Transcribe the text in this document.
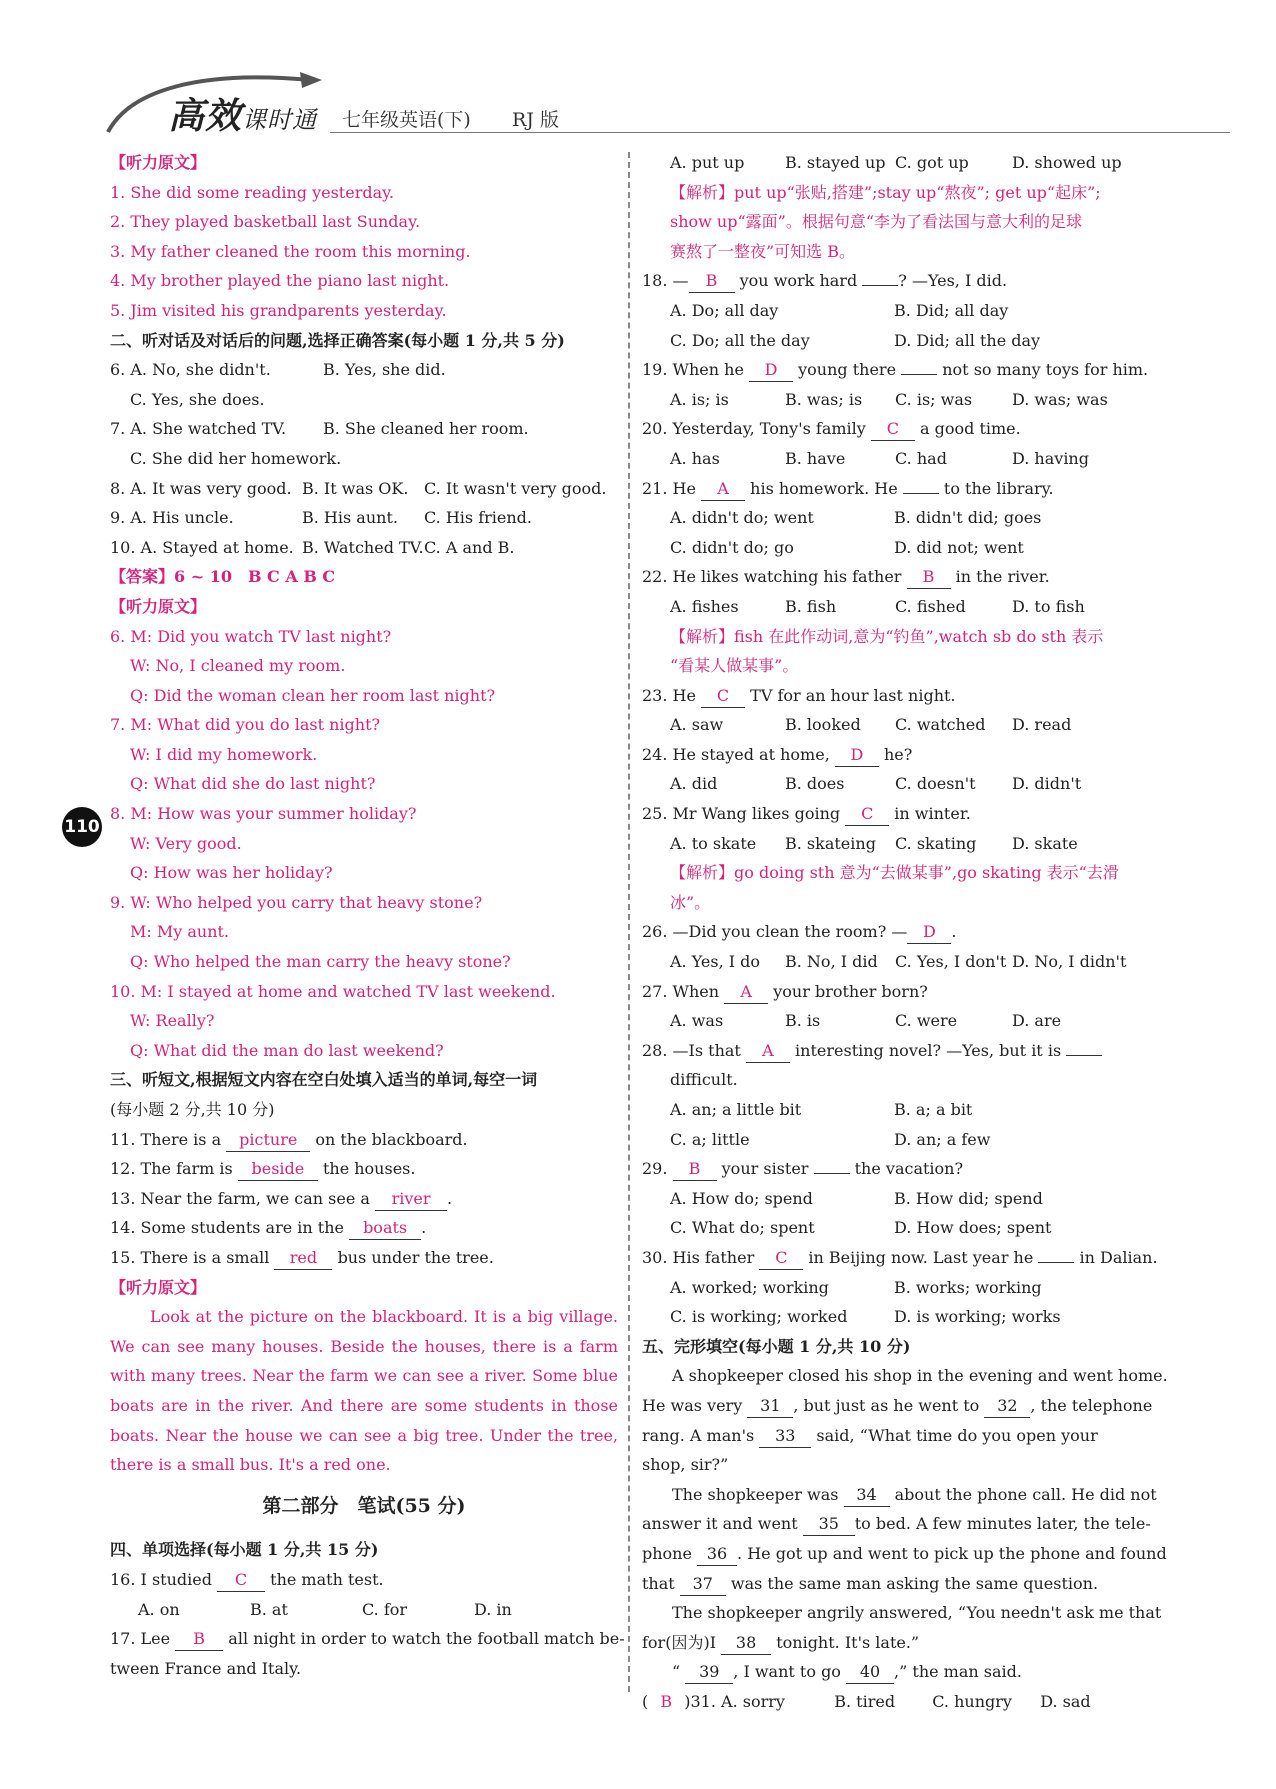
高效课时通 七年级英语(下) RJ 版
110
【听力原文】
1. She did some reading yesterday.
2. They played basketball last Sunday.
3. My father cleaned the room this morning.
4. My brother played the piano last night.
5. Jim visited his grandparents yesterday.
二、听对话及对话后的问题,选择正确答案(每小题 1 分,共 5 分)
6. A. No, she didn't.	B. Yes, she did.
C. Yes, she does.
7. A. She watched TV. B. She cleaned her room.
C. She did her homework.
8. A. It was very good. B. It was OK. C. It wasn't very good.
9. A. His uncle.	B. His aunt. C. His friend.
10. A. Stayed at home. B. Watched TV.C. A and B.
【答案】6 ~ 10　B C A B C
【听力原文】
6. M: Did you watch TV last night?
W: No, I cleaned my room.
Q: Did the woman clean her room last night?
7. M: What did you do last night?
W: I did my homework.
Q: What did she do last night?
8. M: How was your summer holiday?
W: Very good.
Q: How was her holiday?
9. W: Who helped you carry that heavy stone?
M: My aunt.
Q: Who helped the man carry the heavy stone?
10. M: I stayed at home and watched TV last weekend.
W: Really?
Q: What did the man do last weekend?
三、听短文,根据短文内容在空白处填入适当的单词,每空一词
(每小题 2 分,共 10 分)
11. There is a picture on the blackboard.
12. The farm is beside the houses.
13. Near the farm, we can see a river .
14. Some students are in the boats .
15. There is a small red bus under the tree.
【听力原文】
Look at the picture on the blackboard. It is a big village. We can see many houses. Beside the houses, there is a farm with many trees. Near the farm we can see a river. Some blue boats are in the river. And there are some students in those boats. Near the house we can see a big tree. Under the tree, there is a small bus. It's a red one.
第二部分　笔试(55 分)
四、单项选择(每小题 1 分,共 15 分)
16. I studied C the math test.
A. on	B. at	C. for	D. in
17. Lee B all night in order to watch the football match be-
tween France and Italy.
A. put up	B. stayed up C. got up	D. showed up
【解析】put up“张贴,搭建”;stay up“熬夜”; get up“起床”;
show up“露面”。根据句意“李为了看法国与意大利的足球
赛熬了一整夜”可知选 B。
18. — B you work hard	? —Yes, I did.
A. Do; all day	B. Did; all day
C. Do; all the day	D. Did; all the day
19. When he D young there	not so many toys for him.
A. is; is	B. was; is C. is; was D. was; was
20. Yesterday, Tony's family C a good time.
A. has	B. have	C. had	D. having
21. He A his homework. He	to the library.
A. didn't do; went	B. didn't did; goes
C. didn't do; go	D. did not; went
22. He likes watching his father B in the river.
A. fishes	B. fish	C. fished	D. to fish
【解析】fish 在此作动词,意为“钓鱼”,watch sb do sth 表示
“看某人做某事”。
23. He C TV for an hour last night.
A. saw	B. looked C. watched D. read
24. He stayed at home, D he?
A. did	B. does	C. doesn't D. didn't
25. Mr Wang likes going C in winter.
A. to skate B. skateing C. skating D. skate
【解析】go doing sth 意为“去做某事”,go skating 表示“去滑
冰”。
26. —Did you clean the room? — D .
A. Yes, I do B. No, I did C. Yes, I don't D. No, I didn't
27. When A your brother born?
A. was	B. is	C. were	D. are
28. —Is that A interesting novel? —Yes, but it is
difficult.
A. an; a little bit	B. a; a bit
C. a; little	D. an; a few
29. B your sister	the vacation?
A. How do; spend	B. How did; spend
C. What do; spent	D. How does; spent
30. His father C in Beijing now. Last year he	in Dalian.
A. worked; working	B. works; working
C. is working; worked	D. is working; works
五、完形填空(每小题 1 分,共 10 分)
A shopkeeper closed his shop in the evening and went home.
He was very 31 , but just as he went to 32 , the telephone
rang. A man's 33 said, “What time do you open your
shop, sir?”
The shopkeeper was 34 about the phone call. He did not
answer it and went 35 to bed. A few minutes later, the tele-
phone 36 . He got up and went to pick up the phone and found
that 37 was the same man asking the same question.
The shopkeeper angrily answered, “You needn't ask me that
for(因为)I 38 tonight. It's late.”
“ 39 , I want to go 40 ,” the man said.
( B )31. A. sorry	B. tired C. hungry D. sad
